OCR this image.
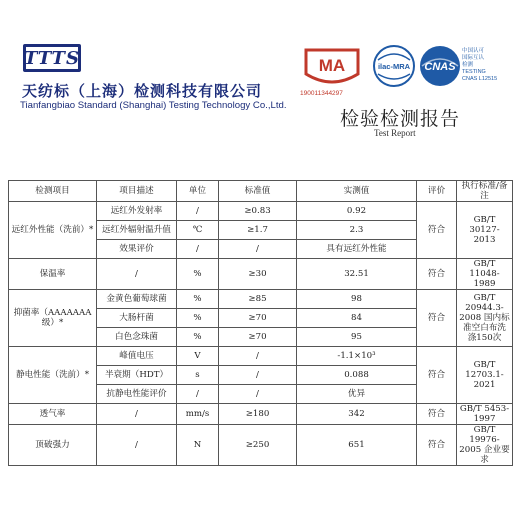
TTTS
天纺标（上海）检测科技有限公司
Tianfangbiao Standard (Shanghai) Testing Technology Co.,Ltd.
MA
190011344297
ilac-MRA CNAS
中国认可
国际互认
检测
TESTING
CNAS L12515
检验检测报告
Test Report
检测项目	项目描述	单位	标准值	实测值	评价	执行标准/备注
远红外性能（洗前）*	远红外发射率	/	≥0.83	0.92	符合	GB/T 30127-2013
	远红外辐射温升值	℃	≥1.7	2.3		
	效果评价	/	/	具有远红外性能		
保温率	/	%	≥30	32.51	符合	GB/T 11048-1989
抑菌率（AAAAAAA级）*	金黄色葡萄球菌	%	≥85	98	符合	GB/T 20944.3-2008 国内标准空白布洗涤150次
	大肠杆菌	%	≥70	84		
	白色念珠菌	%	≥70	95		
静电性能（洗前）*	峰值电压	V	/	-1.1×10³	符合	GB/T 12703.1-2021
	半衰期（HDT）	s	/	0.088		
	抗静电性能评价	/	/	优异		
透气率	/	mm/s	≥180	342	符合	GB/T 5453-1997
顶破强力	/	N	≥250	651	符合	GB/T 19976-2005 企业要求
